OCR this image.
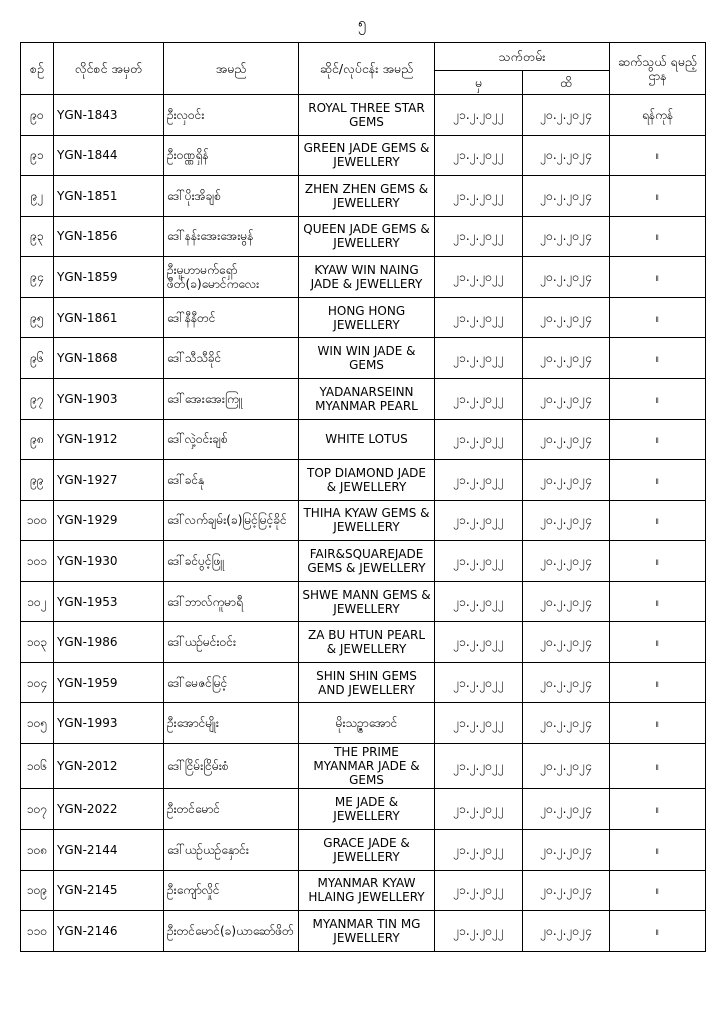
၅
စဉ်	လိုင်စင် အမှတ်	အမည်	ဆိုင်/လုပ်ငန်း အမည်	သက်တမ်း		ဆက်သွယ် ရမည့်ဌာန
				မှ	ထိ	
၉၀	YGN-1843	ဦးလှဝင်း	ROYAL THREE STAR GEMS	၂၁.၂.၂၀၂၂	၂၀.၂.၂၀၂၄	ရန်ကုန်
၉၁	YGN-1844	ဦးဝဏ္ဏရှိန်	GREEN JADE GEMS & JEWELLERY	၂၁.၂.၂၀၂၂	၂၀.၂.၂၀၂၄	။
၉၂	YGN-1851	ဒေါ်ပိုးအိချစ်	ZHEN ZHEN GEMS & JEWELLERY	၂၁.၂.၂၀၂၂	၂၀.၂.၂၀၂၄	။
၉၃	YGN-1856	ဒေါ်နန်းအေးအေးမွန်	QUEEN JADE GEMS & JEWELLERY	၂၁.၂.၂၀၂၂	၂၀.၂.၂၀၂၄	။
၉၄	YGN-1859	ဦးမူဟာမက်ရှော်ဖိတ်(ခ)မောင်ကလေး	KYAW WIN NAING JADE & JEWELLERY	၂၁.၂.၂၀၂၂	၂၀.၂.၂၀၂၄	။
၉၅	YGN-1861	ဒေါ်နီနီတင်	HONG HONG JEWELLERY	၂၁.၂.၂၀၂၂	၂၀.၂.၂၀၂၄	။
၉၆	YGN-1868	ဒေါ်သီသီခိုင်	WIN WIN JADE & GEMS	၂၁.၂.၂၀၂၂	၂၀.၂.၂၀၂၄	။
၉၇	YGN-1903	ဒေါ်အေးအေးကြူ	YADANARSEINN MYANMAR PEARL	၂၁.၂.၂၀၂၂	၂၀.၂.၂၀၂၄	။
၉၈	YGN-1912	ဒေါ်လှဲ့ဝင်းချစ်	WHITE LOTUS	၂၁.၂.၂၀၂၂	၂၀.၂.၂၀၂၄	။
၉၉	YGN-1927	ဒေါ်ခင်နု	TOP DIAMOND JADE & JEWELLERY	၂၁.၂.၂၀၂၂	၂၀.၂.၂၀၂၄	။
၁၀၀	YGN-1929	ဒေါ်လက်ချမ်း(ခ)မြင့်မြင့်ခိုင်	THIHA KYAW GEMS & JEWELLERY	၂၁.၂.၂၀၂၂	၂၀.၂.၂၀၂၄	။
၁၀၁	YGN-1930	ဒေါ်ခင်ပွင့်ဖြူ	FAIR&SQUAREJADE GEMS & JEWELLERY	၂၁.၂.၂၀၂၂	၂၀.၂.၂၀၂၄	။
၁၀၂	YGN-1953	ဒေါ်ဘာလ်ကူမာရီ	SHWE MANN GEMS & JEWELLERY	၂၁.၂.၂၀၂၂	၂၀.၂.၂၀၂၄	။
၁၀၃	YGN-1986	ဒေါ်ယဉ်မင်းဝင်း	ZA BU HTUN PEARL & JEWELLERY	၂၁.၂.၂၀၂၂	၂၀.၂.၂၀၂၄	။
၁၀၄	YGN-1959	ဒေါ်မေဇင်မြင့်	SHIN SHIN GEMS AND JEWELLERY	၂၁.၂.၂၀၂၂	၂၀.၂.၂၀၂၄	။
၁၀၅	YGN-1993	ဦးအောင်မျိုး	မိုးသဉ္ဇာအောင်	၂၁.၂.၂၀၂၂	၂၀.၂.၂၀၂၄	။
၁၀၆	YGN-2012	ဒေါ်ငြိမ်းငြိမ်းစံ	THE PRIME MYANMAR JADE & GEMS	၂၁.၂.၂၀၂၂	၂၀.၂.၂၀၂၄	။
၁၀၇	YGN-2022	ဦးတင်မောင်	ME JADE & JEWELLERY	၂၁.၂.၂၀၂၂	၂၀.၂.၂၀၂၄	။
၁၀၈	YGN-2144	ဒေါ်ယဉ်ယဉ်နှောင်း	GRACE JADE & JEWELLERY	၂၁.၂.၂၀၂၂	၂၀.၂.၂၀၂၄	။
၁၀၉	YGN-2145	ဦးကျော်လှိုင်	MYANMAR KYAW HLAING JEWELLERY	၂၁.၂.၂၀၂၂	၂၀.၂.၂၀၂၄	။
၁၁၀	YGN-2146	ဦးတင်မောင်(ခ)ယာဆော်ဖိတ်	MYANMAR TIN MG JEWELLERY	၂၁.၂.၂၀၂၂	၂၀.၂.၂၀၂၄	။
